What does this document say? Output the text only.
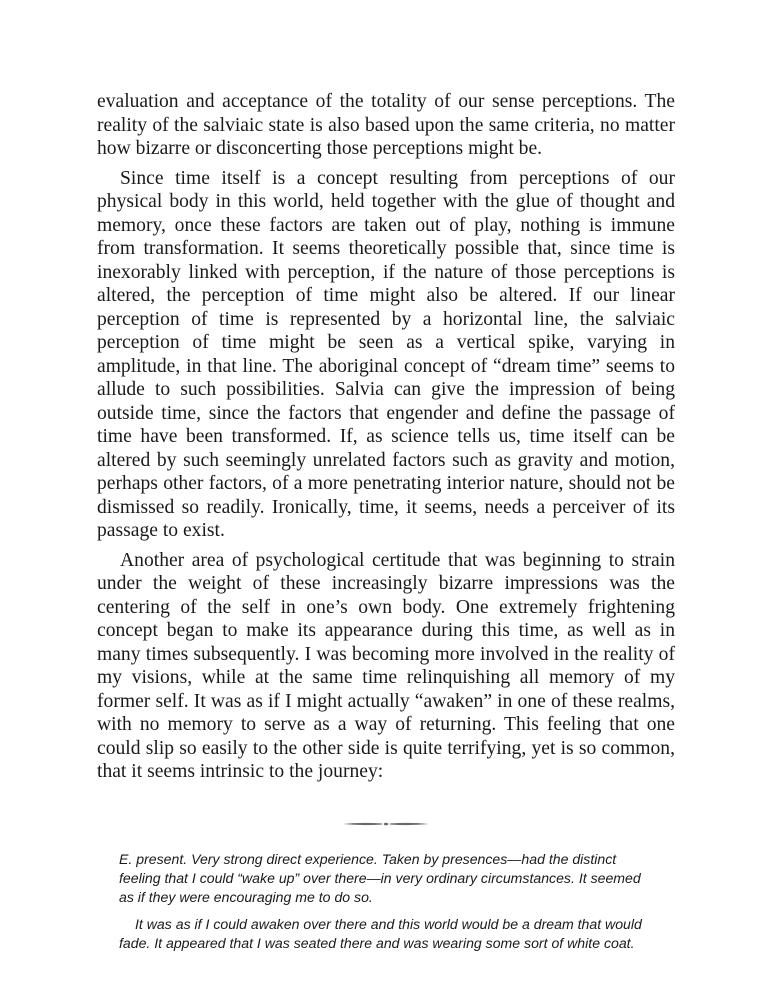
evaluation and acceptance of the totality of our sense perceptions. The reality of the salviaic state is also based upon the same criteria, no matter how bizarre or disconcerting those perceptions might be.

Since time itself is a concept resulting from perceptions of our physical body in this world, held together with the glue of thought and memory, once these factors are taken out of play, nothing is immune from transformation. It seems theoretically possible that, since time is inexorably linked with perception, if the nature of those perceptions is altered, the perception of time might also be altered. If our linear perception of time is represented by a horizontal line, the salviaic perception of time might be seen as a vertical spike, varying in amplitude, in that line. The aboriginal concept of “dream time” seems to allude to such possibilities. Salvia can give the impression of being outside time, since the factors that engender and define the passage of time have been transformed. If, as science tells us, time itself can be altered by such seemingly unrelated factors such as gravity and motion, perhaps other factors, of a more penetrating interior nature, should not be dismissed so readily. Ironically, time, it seems, needs a perceiver of its passage to exist.

Another area of psychological certitude that was beginning to strain under the weight of these increasingly bizarre impressions was the centering of the self in one’s own body. One extremely frightening concept began to make its appearance during this time, as well as in many times subsequently. I was becoming more involved in the reality of my visions, while at the same time relinquishing all memory of my former self. It was as if I might actually “awaken” in one of these realms, with no memory to serve as a way of returning. This feeling that one could slip so easily to the other side is quite terrifying, yet is so common, that it seems intrinsic to the journey:

E. present. Very strong direct experience. Taken by presences—had the distinct feeling that I could “wake up” over there—in very ordinary circumstances. It seemed as if they were encouraging me to do so.

It was as if I could awaken over there and this world would be a dream that would fade. It appeared that I was seated there and was wearing some sort of white coat.
